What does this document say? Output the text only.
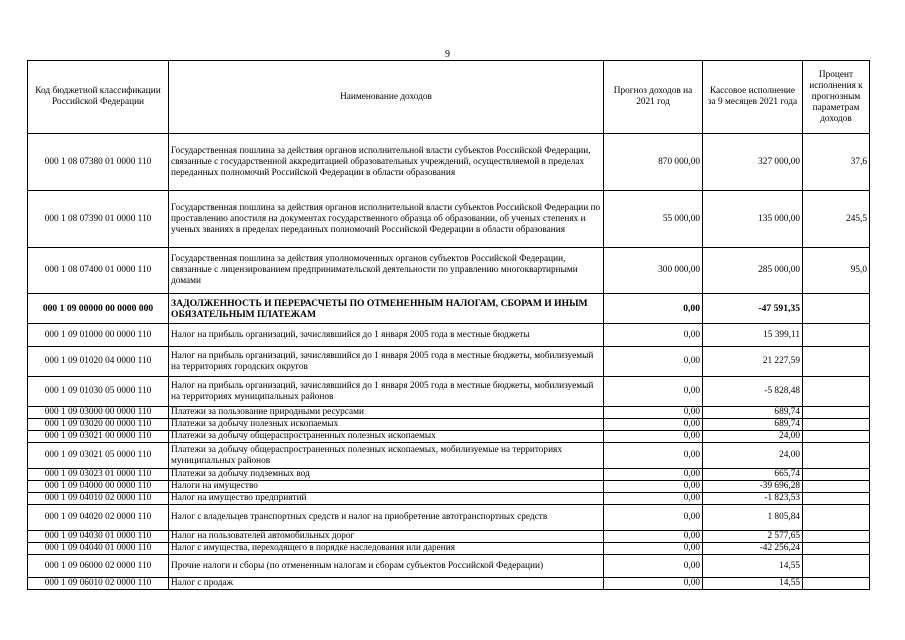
9
Код бюджетной классификации Российской Федерации	Наименование доходов	Прогноз доходов на 2021 год	Кассовое исполнение за 9 месяцев 2021 года	Процент исполнения к прогнозным параметрам доходов
000 1 08 07380 01 0000 110	Государственная пошлина за действия органов исполнительной власти субъектов Российской Федерации, связанные с государственной аккредитацией образовательных учреждений, осуществляемой в пределах переданных полномочий Российской Федерации в области образования	870 000,00	327 000,00	37,6
000 1 08 07390 01 0000 110	Государственная пошлина за действия органов исполнительной власти субъектов Российской Федерации по проставлению апостиля на документах государственного образца об образовании, об ученых степенях и ученых званиях в пределах переданных полномочий Российской Федерации в области образования	55 000,00	135 000,00	245,5
000 1 08 07400 01 0000 110	Государственная пошлина за действия уполномоченных органов субъектов Российской Федерации, связанные с лицензированием предпринимательской деятельности по управлению многоквартирными домами	300 000,00	285 000,00	95,0
000 1 09 00000 00 0000 000	ЗАДОЛЖЕННОСТЬ И ПЕРЕРАСЧЕТЫ ПО ОТМЕНЕННЫМ НАЛОГАМ, СБОРАМ И ИНЫМ ОБЯЗАТЕЛЬНЫМ ПЛАТЕЖАМ	0,00	-47 591,35	
000 1 09 01000 00 0000 110	Налог на прибыль организаций, зачислявшийся до 1 января 2005 года в местные бюджеты	0,00	15 399,11	
000 1 09 01020 04 0000 110	Налог на прибыль организаций, зачислявшийся до 1 января 2005 года в местные бюджеты, мобилизуемый на территориях городских округов	0,00	21 227,59	
000 1 09 01030 05 0000 110	Налог на прибыль организаций, зачислявшийся до 1 января 2005 года в местные бюджеты, мобилизуемый на территориях муниципальных районов	0,00	-5 828,48	
000 1 09 03000 00 0000 110	Платежи за пользование природными ресурсами	0,00	689,74	
000 1 09 03020 00 0000 110	Платежи за добычу полезных ископаемых	0,00	689,74	
000 1 09 03021 00 0000 110	Платежи за добычу общераспространенных полезных ископаемых	0,00	24,00	
000 1 09 03021 05 0000 110	Платежи за добычу общераспространенных полезных ископаемых, мобилизуемые на территориях муниципальных районов	0,00	24,00	
000 1 09 03023 01 0000 110	Платежи за добычу подземных вод	0,00	665,74	
000 1 09 04000 00 0000 110	Налоги на имущество	0,00	-39 696,28	
000 1 09 04010 02 0000 110	Налог на имущество предприятий	0,00	-1 823,53	
000 1 09 04020 02 0000 110	Налог с владельцев транспортных средств и налог на приобретение автотранспортных средств	0,00	1 805,84	
000 1 09 04030 01 0000 110	Налог на пользователей автомобильных дорог	0,00	2 577,65	
000 1 09 04040 01 0000 110	Налог с имущества, переходящего в порядке наследования или дарения	0,00	-42 256,24	
000 1 09 06000 02 0000 110	Прочие налоги и сборы (по отмененным налогам и сборам субъектов Российской Федерации)	0,00	14,55	
000 1 09 06010 02 0000 110	Налог с продаж	0,00	14,55	
